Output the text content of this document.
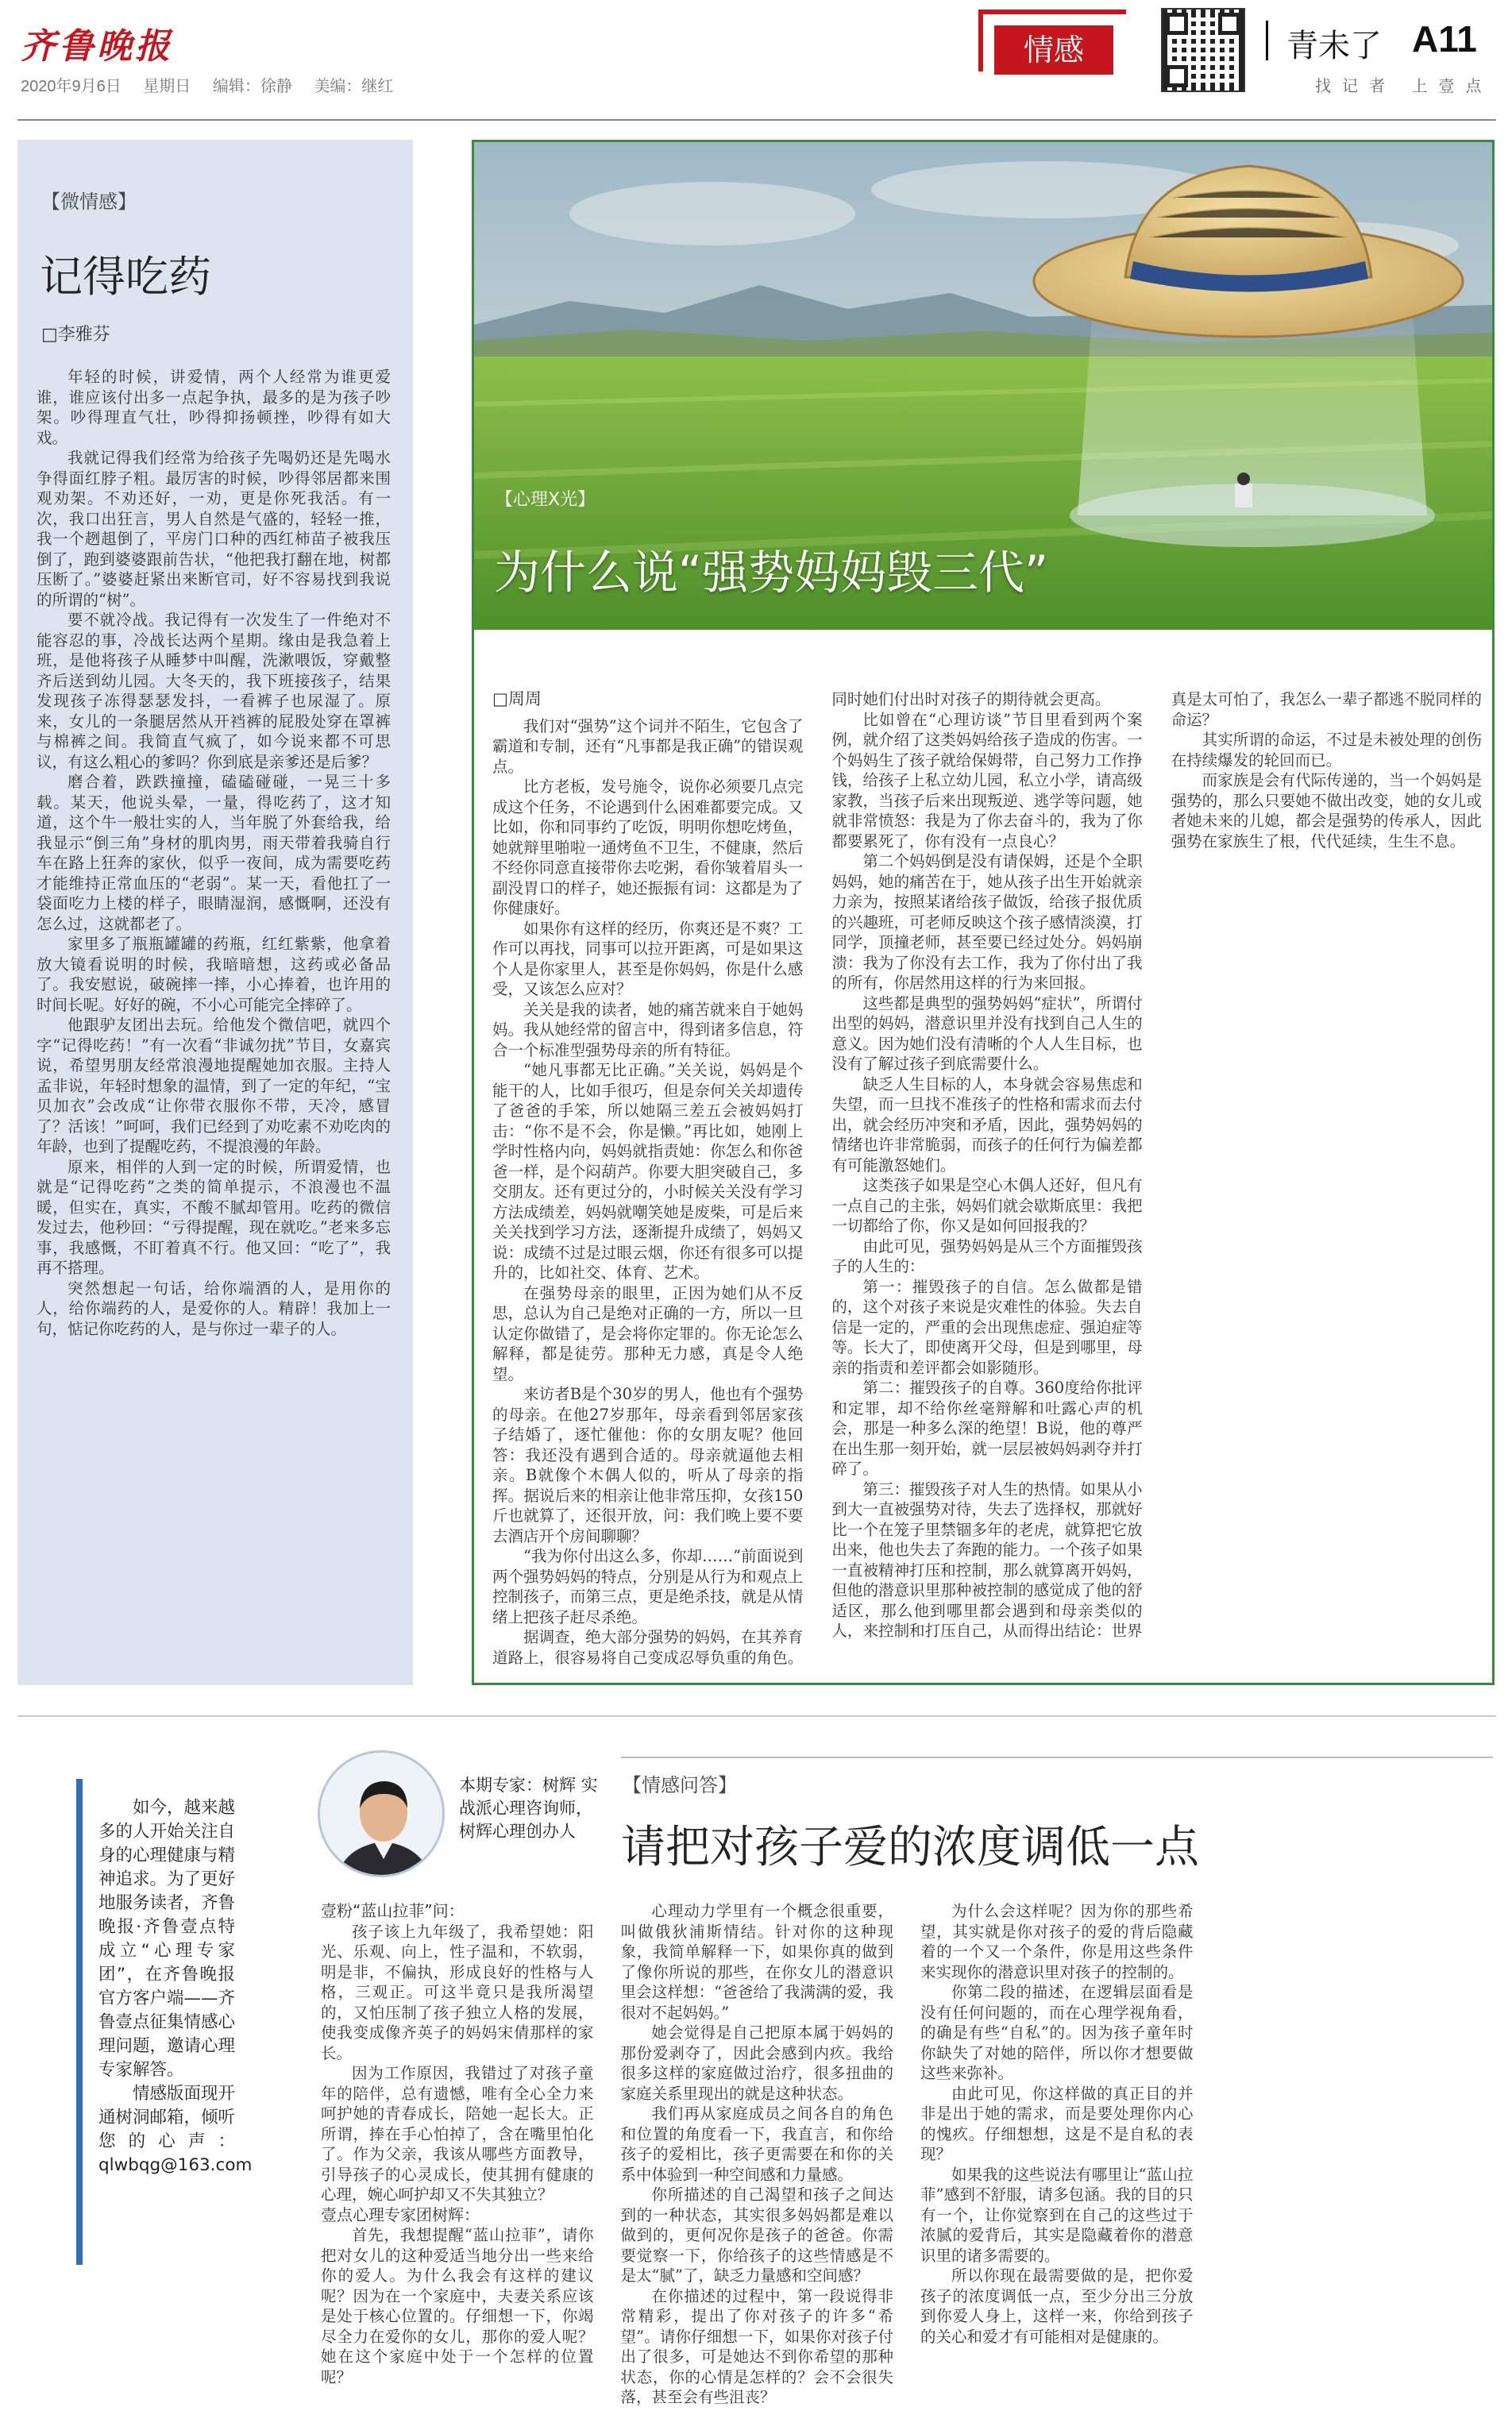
齐鲁晚报
2020年9月6日 星期日 编辑：徐静 美编：继红
情感	青未了 A11
找记者 上壹点
【微情感】
记得吃药
□李雅芬

年轻的时候，讲爱情，两个人经常为谁更爱谁，谁应该付出多一点起争执，最多的是为孩子吵架。吵得理直气壮，吵得抑扬顿挫，吵得有如大戏。

我就记得我们经常为给孩子先喝奶还是先喝水争得面红脖子粗。最厉害的时候，吵得邻居都来围观劝架。不劝还好，一劝，更是你死我活。有一次，我口出狂言，男人自然是气盛的，轻轻一推，我一个趔趄倒了，平房门口种的西红柿苗子被我压倒了，跑到婆婆跟前告状，“他把我打翻在地，树都压断了。”婆婆赶紧出来断官司，好不容易找到我说的所谓的“树”。

要不就冷战。我记得有一次发生了一件绝对不能容忍的事，冷战长达两个星期。缘由是我急着上班，是他将孩子从睡梦中叫醒，洗漱喂饭，穿戴整齐后送到幼儿园。大冬天的，我下班接孩子，结果发现孩子冻得瑟瑟发抖，一看裤子也尿湿了。原来，女儿的一条腿居然从开裆裤的屁股处穿在罩裤与棉裤之间。我简直气疯了，如今说来都不可思议，有这么粗心的爹吗？你到底是亲爹还是后爹？

磨合着，跌跌撞撞，磕磕碰碰，一晃三十多载。某天，他说头晕，一量，得吃药了，这才知道，这个牛一般壮实的人，当年脱了外套给我，给我显示“倒三角”身材的肌肉男，雨天带着我骑自行车在路上狂奔的家伙，似乎一夜间，成为需要吃药才能维持正常血压的“老弱”。某一天，看他扛了一袋面吃力上楼的样子，眼睛湿润，感慨啊，还没有怎么过，这就都老了。

家里多了瓶瓶罐罐的药瓶，红红紫紫，他拿着放大镜看说明的时候，我暗暗想，这药或必备品了。我安慰说，破碗摔一摔，小心捧着，也许用的时间长呢。好好的碗，不小心可能完全摔碎了。

他跟驴友团出去玩。给他发个微信吧，就四个字“记得吃药！”有一次看“非诚勿扰”节目，女嘉宾说，希望男朋友经常浪漫地提醒她加衣服。主持人孟非说，年轻时想象的温情，到了一定的年纪，“宝贝加衣”会改成“让你带衣服你不带，天冷，感冒了？活该！”呵呵，我们已经到了劝吃素不劝吃肉的年龄，也到了提醒吃药，不提浪漫的年龄。

原来，相伴的人到一定的时候，所谓爱情，也就是“记得吃药”之类的简单提示，不浪漫也不温暖，但实在，真实，不酸不腻却管用。吃药的微信发过去，他秒回：“亏得提醒，现在就吃。”老来多忘事，我感慨，不盯着真不行。他又回：“吃了”，我再不搭理。

突然想起一句话，给你端酒的人，是用你的人，给你端药的人，是爱你的人。精辟！我加上一句，惦记你吃药的人，是与你过一辈子的人。

【心理X光】
为什么说“强势妈妈毁三代”

□周周

我们对“强势”这个词并不陌生，它包含了霸道和专制，还有“凡事都是我正确”的错误观点。

比方老板，发号施令，说你必须要几点完成这个任务，不论遇到什么困难都要完成。又比如，你和同事约了吃饭，明明你想吃烤鱼，她就辩里啪啦一通烤鱼不卫生，不健康，然后不经你同意直接带你去吃粥，看你皱着眉头一副没胃口的样子，她还振振有词：这都是为了你健康好。

如果你有这样的经历，你爽还是不爽？工作可以再找，同事可以拉开距离，可是如果这个人是你家里人，甚至是你妈妈，你是什么感受，又该怎么应对？

关关是我的读者，她的痛苦就来自于她妈妈。我从她经常的留言中，得到诸多信息，符合一个标准型强势母亲的所有特征。

“她凡事都无比正确。”关关说，妈妈是个能干的人，比如手很巧，但是奈何关关却遗传了爸爸的手笨，所以她隔三差五会被妈妈打击：“你不是不会，你是懒。”再比如，她刚上学时性格内向，妈妈就指责她：你怎么和你爸爸一样，是个闷葫芦。你要大胆突破自己，多交朋友。还有更过分的，小时候关关没有学习方法成绩差，妈妈就嘲笑她是废柴，可是后来关关找到学习方法，逐渐提升成绩了，妈妈又说：成绩不过是过眼云烟，你还有很多可以提升的，比如社交、体育、艺术。

在强势母亲的眼里，正因为她们从不反思，总认为自己是绝对正确的一方，所以一旦认定你做错了，是会将你定罪的。你无论怎么解释，都是徒劳。那种无力感，真是令人绝望。

来访者B是个30岁的男人，他也有个强势的母亲。在他27岁那年，母亲看到邻居家孩子结婚了，逐忙催他：你的女朋友呢？他回答：我还没有遇到合适的。母亲就逼他去相亲。B就像个木偶人似的，听从了母亲的指挥。据说后来的相亲让他非常压抑，女孩150斤也就算了，还很开放，问：我们晚上要不要去酒店开个房间聊聊？

“我为你付出这么多，你却……”前面说到两个强势妈妈的特点，分别是从行为和观点上控制孩子，而第三点，更是绝杀技，就是从情绪上把孩子赶尽杀绝。

据调查，绝大部分强势的妈妈，在其养育道路上，很容易将自己变成忍辱负重的角色。同时她们付出时对孩子的期待就会更高。

比如曾在“心理访谈”节目里看到两个案例，就介绍了这类妈妈给孩子造成的伤害。一个妈妈生了孩子就给保姆带，自己努力工作挣钱，给孩子上私立幼儿园，私立小学，请高级家教，当孩子后来出现叛逆、逃学等问题，她就非常愤怒：我是为了你去奋斗的，我为了你都要累死了，你有没有一点良心？

第二个妈妈倒是没有请保姆，还是个全职妈妈，她的痛苦在于，她从孩子出生开始就亲力亲为，按照某诸给孩子做饭，给孩子报优质的兴趣班，可老师反映这个孩子感情淡漠，打同学，顶撞老师，甚至要已经过处分。妈妈崩溃：我为了你没有去工作，我为了你付出了我的所有，你居然用这样的行为来回报。

这些都是典型的强势妈妈“症状”，所谓付出型的妈妈，潜意识里并没有找到自己人生的意义。因为她们没有清晰的个人人生目标，也没有了解过孩子到底需要什么。

缺乏人生目标的人，本身就会容易焦虑和失望，而一旦找不准孩子的性格和需求而去付出，就会经历冲突和矛盾，因此，强势妈妈的情绪也许非常脆弱，而孩子的任何行为偏差都有可能激怒她们。

这类孩子如果是空心木偶人还好，但凡有一点自己的主张，妈妈们就会歇斯底里：我把一切都给了你，你又是如何回报我的？

由此可见，强势妈妈是从三个方面摧毁孩子的人生的：

第一：摧毁孩子的自信。怎么做都是错的，这个对孩子来说是灾难性的体验。失去自信是一定的，严重的会出现焦虑症、强迫症等等。长大了，即使离开父母，但是到哪里，母亲的指责和差评都会如影随形。

第二：摧毁孩子的自尊。360度给你批评和定罪，却不给你丝毫辩解和吐露心声的机会，那是一种多么深的绝望！B说，他的尊严在出生那一刻开始，就一层层被妈妈剥夺并打碎了。

第三：摧毁孩子对人生的热情。如果从小到大一直被强势对待，失去了选择权，那就好比一个在笼子里禁锢多年的老虎，就算把它放出来，他也失去了奔跑的能力。一个孩子如果一直被精神打压和控制，那么就算离开妈妈，但他的潜意识里那种被控制的感觉成了他的舒适区，那么他到哪里都会遇到和母亲类似的人，来控制和打压自己，从而得出结论：世界真是太可怕了，我怎么一辈子都逃不脱同样的命运？

其实所谓的命运，不过是未被处理的创伤在持续爆发的轮回而已。

而家族是会有代际传递的，当一个妈妈是强势的，那么只要她不做出改变，她的女儿或者她未来的儿媳，都会是强势的传承人，因此强势在家族生了根，代代延续，生生不息。

如今，越来越多的人开始关注自身的心理健康与精神追求。为了更好地服务读者，齐鲁晚报·齐鲁壹点特成立“心理专家团”，在齐鲁晚报官方客户端——齐鲁壹点征集情感心理问题，邀请心理专家解答。

情感版面现开通树洞邮箱，倾听您的心声：qlwbqg@163.com

本期专家：树辉 实战派心理咨询师，树辉心理创办人
【情感问答】
请把对孩子爱的浓度调低一点

壹粉“蓝山拉菲”问：

孩子该上九年级了，我希望她：阳光、乐观、向上，性子温和，不软弱，明是非，不偏执，形成良好的性格与人格，三观正。可这半竟只是我所渴望的，又怕压制了孩子独立人格的发展，使我变成像齐英子的妈妈宋倩那样的家长。

因为工作原因，我错过了对孩子童年的陪伴，总有遗憾，唯有全心全力来呵护她的青春成长，陪她一起长大。正所谓，捧在手心怕掉了，含在嘴里怕化了。作为父亲，我该从哪些方面教导，引导孩子的心灵成长，使其拥有健康的心理，婉心呵护却又不失其独立？

壹点心理专家团树辉：

首先，我想提醒“蓝山拉菲”，请你把对女儿的这种爱适当地分出一些来给你的爱人。为什么我会有这样的建议呢？因为在一个家庭中，夫妻关系应该是处于核心位置的。仔细想一下，你竭尽全力在爱你的女儿，那你的爱人呢？她在这个家庭中处于一个怎样的位置呢？

心理动力学里有一个概念很重要，叫做俄狄浦斯情结。针对你的这种现象，我简单解释一下，如果你真的做到了像你所说的那些，在你女儿的潜意识里会这样想：“爸爸给了我满满的爱，我很对不起妈妈。”

她会觉得是自己把原本属于妈妈的那份爱剥夺了，因此会感到内疚。我给很多这样的家庭做过治疗，很多扭曲的家庭关系里现出的就是这种状态。

我们再从家庭成员之间各自的角色和位置的角度看一下，我直言，和你给孩子的爱相比，孩子更需要在和你的关系中体验到一种空间感和力量感。

你所描述的自己渴望和孩子之间达到的一种状态，其实很多妈妈都是难以做到的，更何况你是孩子的爸爸。你需要觉察一下，你给孩子的这些情感是不是太“腻”了，缺乏力量感和空间感？

在你描述的过程中，第一段说得非常精彩，提出了你对孩子的许多“希望”。请你仔细想一下，如果你对孩子付出了很多，可是她达不到你希望的那种状态，你的心情是怎样的？会不会很失落，甚至会有些沮丧？

为什么会这样呢？因为你的那些希望，其实就是你对孩子的爱的背后隐藏着的一个又一个条件，你是用这些条件来实现你的潜意识里对孩子的控制的。

你第二段的描述，在逻辑层面看是没有任何问题的，而在心理学视角看，的确是有些“自私”的。因为孩子童年时你缺失了对她的陪伴，所以你才想要做这些来弥补。

由此可见，你这样做的真正目的并非是出于她的需求，而是要处理你内心的愧疚。仔细想想，这是不是自私的表现？

如果我的这些说法有哪里让“蓝山拉菲”感到不舒服，请多包涵。我的目的只有一个，让你觉察到在自己的这些过于浓腻的爱背后，其实是隐藏着你的潜意识里的诸多需要的。

所以你现在最需要做的是，把你爱孩子的浓度调低一点，至少分出三分放到你爱人身上，这样一来，你给到孩子的关心和爱才有可能相对是健康的。
